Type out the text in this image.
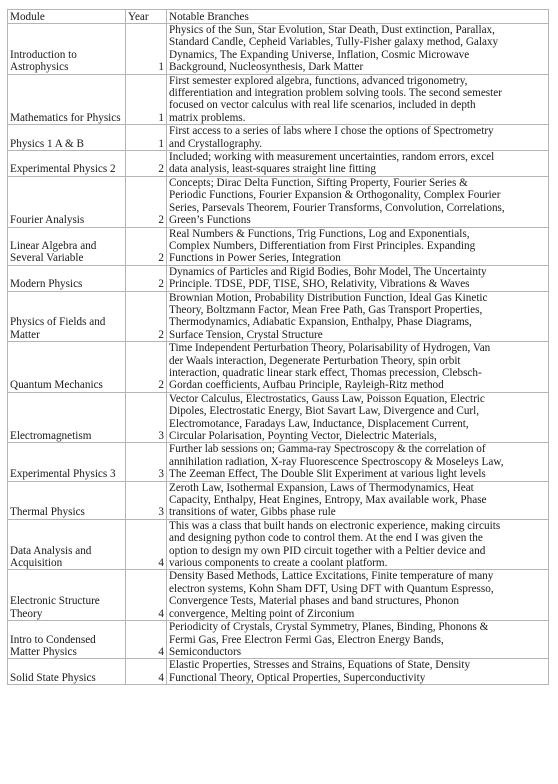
Module	Year	Notable Branches
Introduction to Astrophysics	1	Physics of the Sun, Star Evolution, Star Death, Dust extinction, Parallax,
Standard Candle, Cepheid Variables, Tully-Fisher galaxy method, Galaxy
Dynamics, The Expanding Universe, Inflation, Cosmic Microwave
Background, Nucleosynthesis, Dark Matter

Mathematics for Physics	1	First semester explored algebra, functions, advanced trigonometry,
differentiation and integration problem solving tools. The second semester
focused on vector calculus with real life scenarios, included in depth
matrix problems.

Physics 1 A & B	1	First access to a series of labs where I chose the options of Spectrometry
and Crystallography.

Experimental Physics 2	2	Included; working with measurement uncertainties, random errors, excel
data analysis, least-squares straight line fitting

Fourier Analysis	2	Concepts; Dirac Delta Function, Sifting Property, Fourier Series &
Periodic Functions, Fourier Expansion & Orthogonality, Complex Fourier
Series, Parsevals Theorem, Fourier Transforms, Convolution, Correlations,
Green’s Functions

Linear Algebra and Several Variable	2	Real Numbers & Functions, Trig Functions, Log and Exponentials,
Complex Numbers, Differentiation from First Principles. Expanding
Functions in Power Series, Integration

Modern Physics	2	Dynamics of Particles and Rigid Bodies, Bohr Model, The Uncertainty
Principle. TDSE, PDF, TISE, SHO, Relativity, Vibrations & Waves

Physics of Fields and Matter	2	Brownian Motion, Probability Distribution Function, Ideal Gas Kinetic
Theory, Boltzmann Factor, Mean Free Path, Gas Transport Properties,
Thermodynamics, Adiabatic Expansion, Enthalpy, Phase Diagrams,
Surface Tension, Crystal Structure

Quantum Mechanics	2	Time Independent Perturbation Theory, Polarisability of Hydrogen, Van
der Waals interaction, Degenerate Perturbation Theory, spin orbit
interaction, quadratic linear stark effect, Thomas precession, Clebsch-
Gordan coefficients, Aufbau Principle, Rayleigh-Ritz method

Electromagnetism	3	Vector Calculus, Electrostatics, Gauss Law, Poisson Equation, Electric
Dipoles, Electrostatic Energy, Biot Savart Law, Divergence and Curl,
Electromotance, Faradays Law, Inductance, Displacement Current,
Circular Polarisation, Poynting Vector, Dielectric Materials,

Experimental Physics 3	3	Further lab sessions on; Gamma-ray Spectroscopy & the correlation of
annihilation radiation, X-ray Fluorescence Spectroscopy & Moseleys Law,
The Zeeman Effect, The Double Slit Experiment at various light levels

Thermal Physics	3	Zeroth Law, Isothermal Expansion, Laws of Thermodynamics, Heat
Capacity, Enthalpy, Heat Engines, Entropy, Max available work, Phase
transitions of water, Gibbs phase rule

Data Analysis and Acquisition	4	This was a class that built hands on electronic experience, making circuits
and designing python code to control them. At the end I was given the
option to design my own PID circuit together with a Peltier device and
various components to create a coolant platform.

Electronic Structure Theory	4	Density Based Methods, Lattice Excitations, Finite temperature of many
electron systems, Kohn Sham DFT, Using DFT with Quantum Espresso,
Convergence Tests, Material phases and band structures, Phonon
convergence, Melting point of Zirconium

Intro to Condensed Matter Physics	4	Periodicity of Crystals, Crystal Symmetry, Planes, Binding, Phonons &
Fermi Gas, Free Electron Fermi Gas, Electron Energy Bands,
Semiconductors

Solid State Physics	4	Elastic Properties, Stresses and Strains, Equations of State, Density
Functional Theory, Optical Properties, Superconductivity
